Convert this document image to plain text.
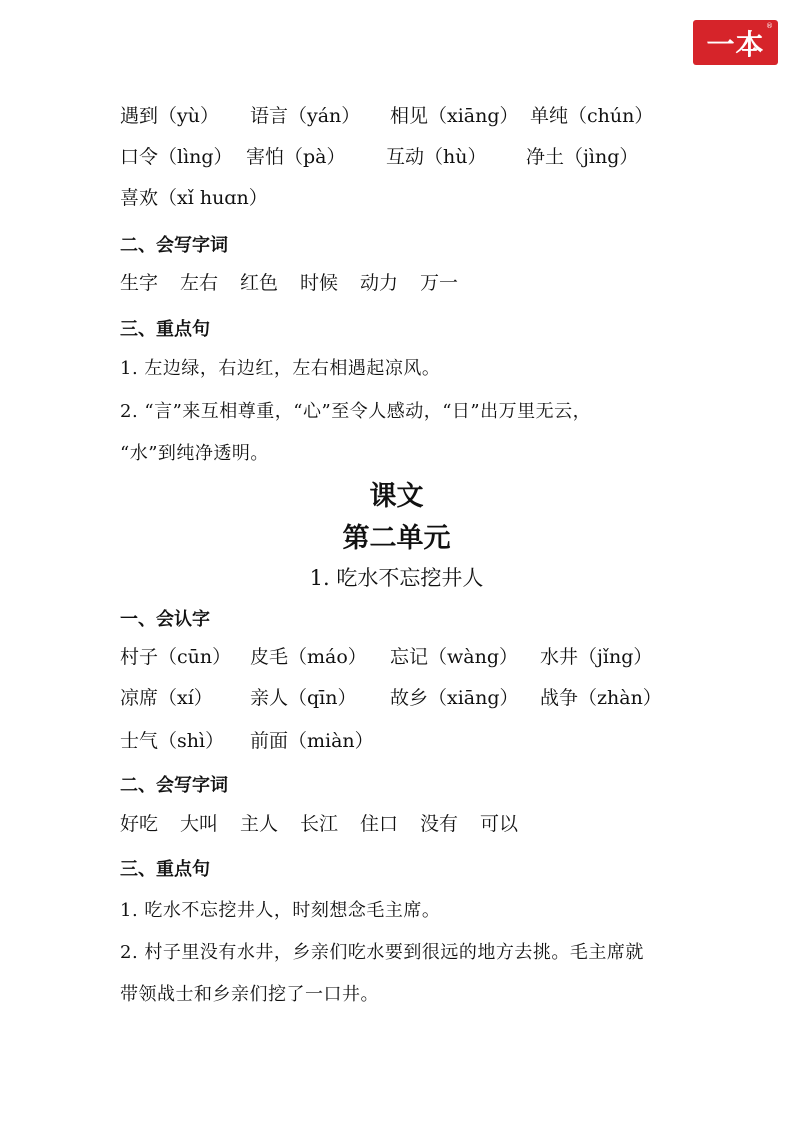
一本
®
遇到（yù） 语言（yán） 相见（xiāng） 单纯（chún）
口令（lìng） 害怕（pà） 互动（hù） 净土（jìng）
喜欢（xǐ huɑn）
二、会写字词
生字 左右 红色 时候 动力 万一
三、重点句
1. 左边绿，右边红，左右相遇起凉风。
2. “言”来互相尊重，“心”至令人感动，“日”出万里无云，
“水”到纯净透明。
课文
第二单元
1. 吃水不忘挖井人
一、会认字
村子（cūn） 皮毛（máo） 忘记（wàng） 水井（jǐng）
凉席（xí） 亲人（qīn） 故乡（xiāng） 战争（zhàn）
士气（shì） 前面（miàn）
二、会写字词
好吃 大叫 主人 长江 住口 没有 可以
三、重点句
1. 吃水不忘挖井人，时刻想念毛主席。
2. 村子里没有水井，乡亲们吃水要到很远的地方去挑。毛主席就
带领战士和乡亲们挖了一口井。
